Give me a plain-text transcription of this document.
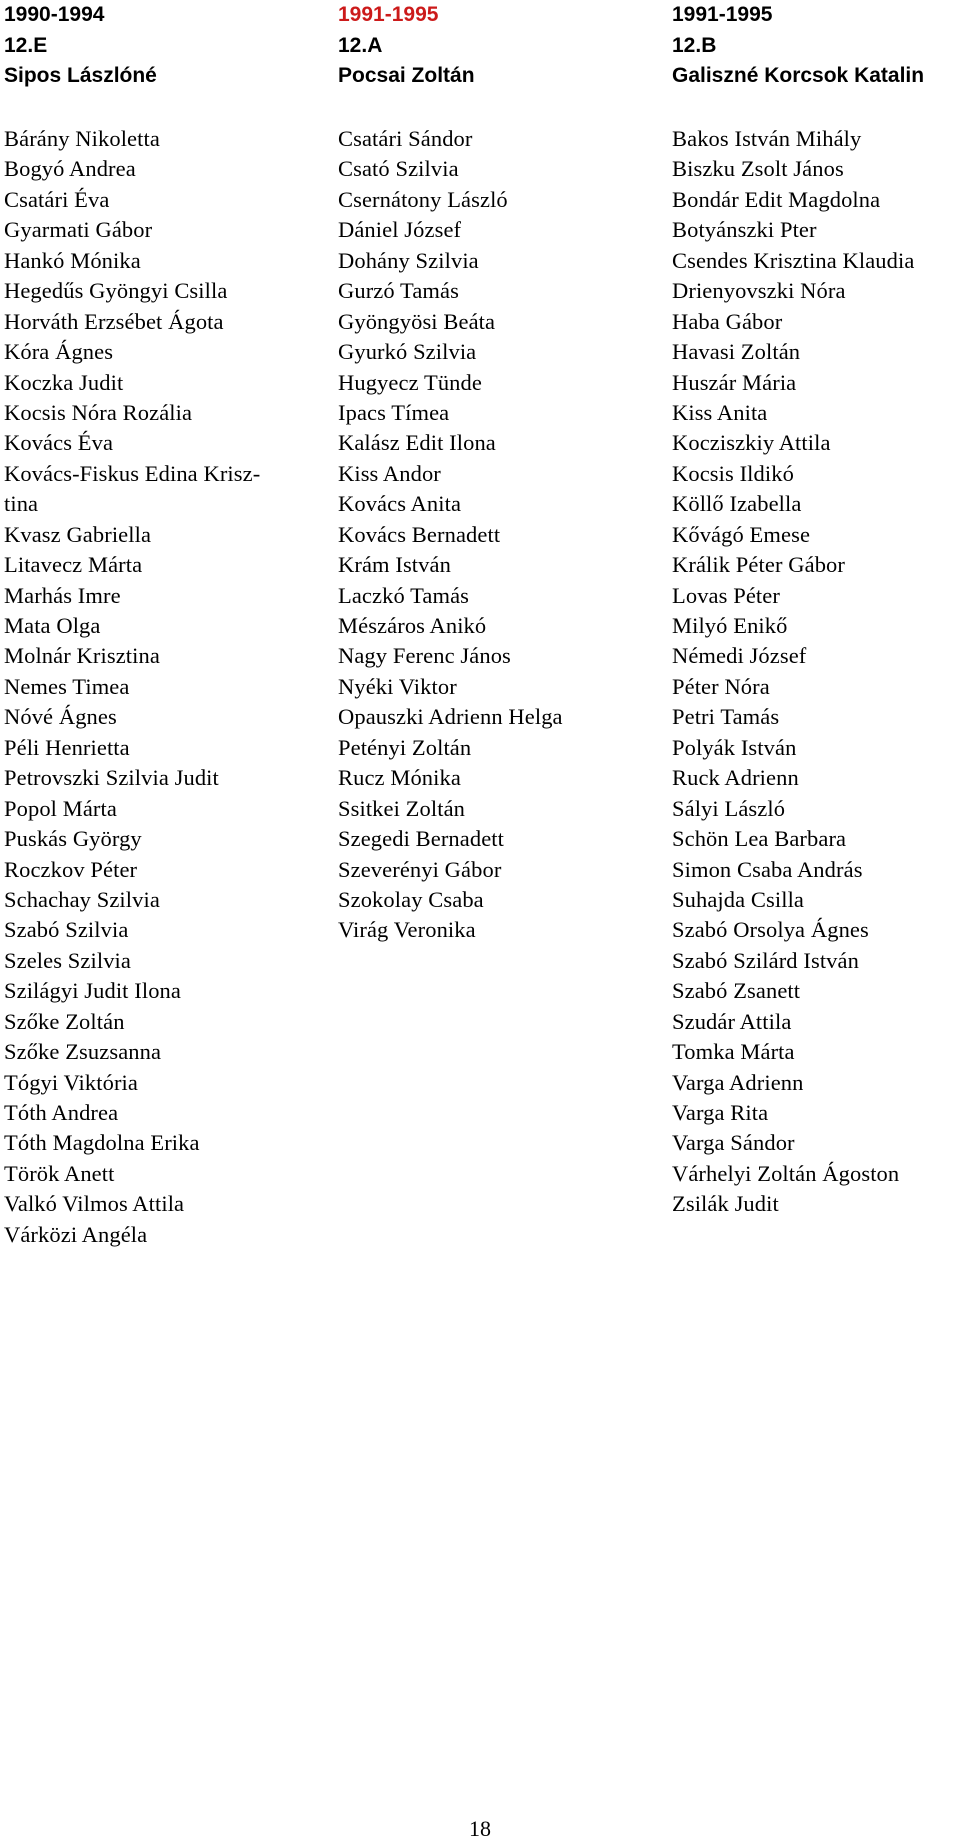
1990-1994
12.E
Sipos Lászlóné
Bárány Nikoletta
Bogyó Andrea
Csatári Éva
Gyarmati Gábor
Hankó Mónika
Hegedűs Gyöngyi Csilla
Horváth Erzsébet Ágota
Kóra Ágnes
Koczka Judit
Kocsis Nóra Rozália
Kovács Éva
Kovács-Fiskus Edina Krisz-
tina
Kvasz Gabriella
Litavecz Márta
Marhás Imre
Mata Olga
Molnár Krisztina
Nemes Timea
Nóvé Ágnes
Péli Henrietta
Petrovszki Szilvia Judit
Popol Márta
Puskás György
Roczkov Péter
Schachay Szilvia
Szabó Szilvia
Szeles Szilvia
Szilágyi Judit Ilona
Szőke Zoltán
Szőke Zsuzsanna
Tógyi Viktória
Tóth Andrea
Tóth Magdolna Erika
Török Anett
Valkó Vilmos Attila
Várközi Angéla
1991-1995
12.A
Pocsai Zoltán
Csatári Sándor
Csató Szilvia
Csernátony László
Dániel József
Dohány Szilvia
Gurzó Tamás
Gyöngyösi Beáta
Gyurkó Szilvia
Hugyecz Tünde
Ipacs Tímea
Kalász Edit Ilona
Kiss Andor
Kovács Anita
Kovács Bernadett
Krám István
Laczkó Tamás
Mészáros Anikó
Nagy Ferenc János
Nyéki Viktor
Opauszki Adrienn Helga
Petényi Zoltán
Rucz Mónika
Ssitkei Zoltán
Szegedi Bernadett
Szeverényi Gábor
Szokolay Csaba
Virág Veronika
1991-1995
12.B
Galiszné Korcsok Katalin
Bakos István Mihály
Biszku Zsolt János
Bondár Edit Magdolna
Botyánszki Pter
Csendes Krisztina Klaudia
Drienyovszki Nóra
Haba Gábor
Havasi Zoltán
Huszár Mária
Kiss Anita
Kocziszkiy Attila
Kocsis Ildikó
Köllő Izabella
Kővágó Emese
Králik Péter Gábor
Lovas Péter
Milyó Enikő
Némedi József
Péter Nóra
Petri Tamás
Polyák István
Ruck Adrienn
Sályi László
Schön Lea Barbara
Simon Csaba András
Suhajda Csilla
Szabó Orsolya Ágnes
Szabó Szilárd István
Szabó Zsanett
Szudár Attila
Tomka Márta
Varga Adrienn
Varga Rita
Varga Sándor
Várhelyi Zoltán Ágoston
Zsilák Judit
18
